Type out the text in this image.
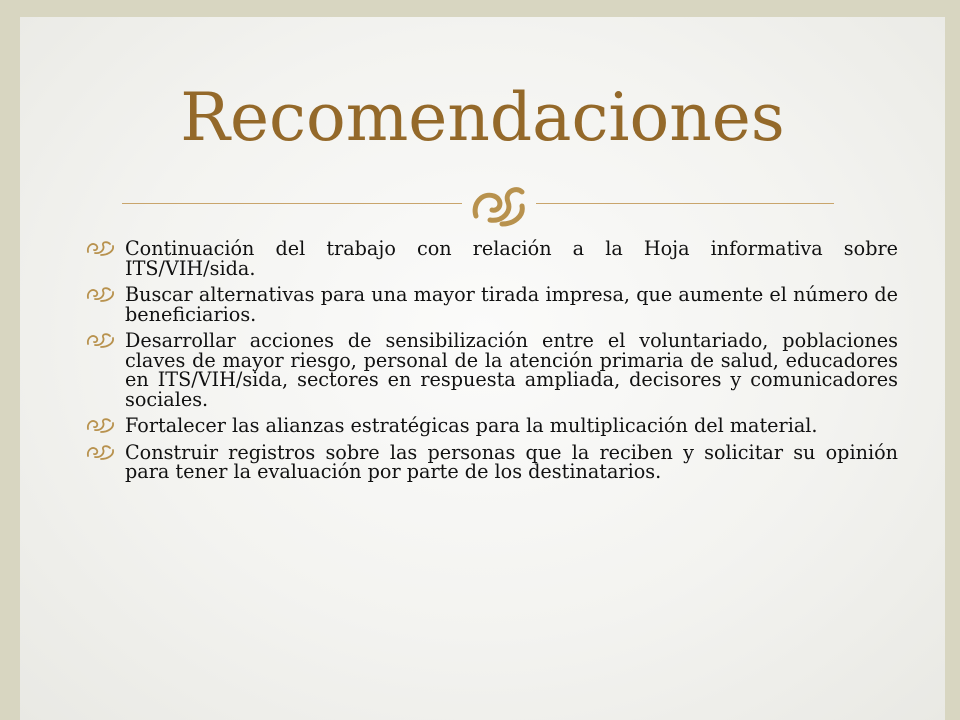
Recomendaciones
Continuación del trabajo con relación a la Hoja informativa sobre ITS/VIH/sida.
Buscar alternativas para una mayor tirada impresa, que aumente el número de beneficiarios.
Desarrollar acciones de sensibilización entre el voluntariado, poblaciones claves de mayor riesgo, personal de la atención primaria de salud, educadores en ITS/VIH/sida, sectores en respuesta ampliada, decisores y comunicadores sociales.
Fortalecer las alianzas estratégicas para la multiplicación del material.
Construir registros sobre las personas que la reciben y solicitar su opinión para tener la evaluación por parte de los destinatarios.
